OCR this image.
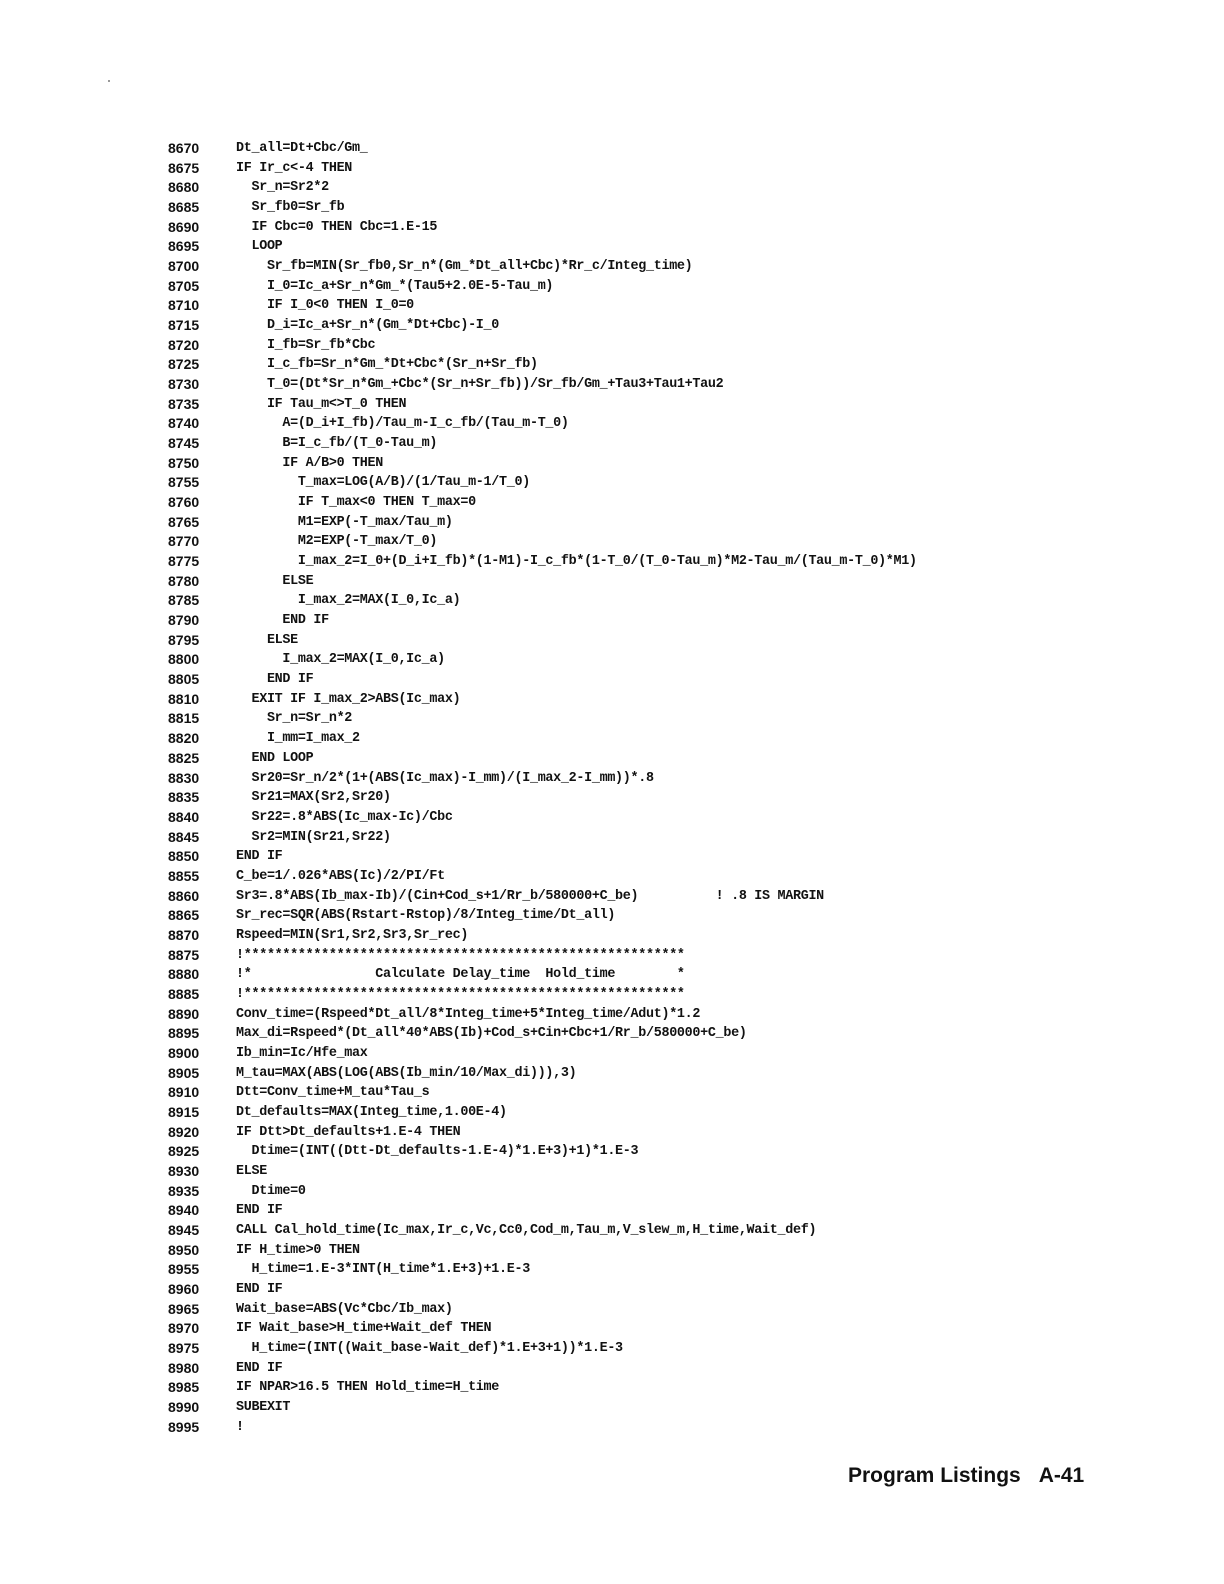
8670	Dt_all=Dt+Cbc/Gm_
8675	IF Ir_c<-4 THEN
8680	Sr_n=Sr2*2
8685	Sr_fb0=Sr_fb
8690	IF Cbc=0 THEN Cbc=1.E-15
8695	LOOP
8700	Sr_fb=MIN(Sr_fb0,Sr_n*(Gm_*Dt_all+Cbc)*Rr_c/Integ_time)
8705	I_0=Ic_a+Sr_n*Gm_*(Tau5+2.0E-5-Tau_m)
8710	IF I_0<0 THEN I_0=0
8715	D_i=Ic_a+Sr_n*(Gm_*Dt+Cbc)-I_0
8720	I_fb=Sr_fb*Cbc
8725	I_c_fb=Sr_n*Gm_*Dt+Cbc*(Sr_n+Sr_fb)
8730	T_0=(Dt*Sr_n*Gm_+Cbc*(Sr_n+Sr_fb))/Sr_fb/Gm_+Tau3+Tau1+Tau2
8735	IF Tau_m<>T_0 THEN
8740	A=(D_i+I_fb)/Tau_m-I_c_fb/(Tau_m-T_0)
8745	B=I_c_fb/(T_0-Tau_m)
8750	IF A/B>0 THEN
8755	T_max=LOG(A/B)/(1/Tau_m-1/T_0)
8760	IF T_max<0 THEN T_max=0
8765	M1=EXP(-T_max/Tau_m)
8770	M2=EXP(-T_max/T_0)
8775	I_max_2=I_0+(D_i+I_fb)*(1-M1)-I_c_fb*(1-T_0/(T_0-Tau_m)*M2-Tau_m/(Tau_m-T_0)*M1)
8780	ELSE
8785	I_max_2=MAX(I_0,Ic_a)
8790	END IF
8795	ELSE
8800	I_max_2=MAX(I_0,Ic_a)
8805	END IF
8810	EXIT IF I_max_2>ABS(Ic_max)
8815	Sr_n=Sr_n*2
8820	I_mm=I_max_2
8825	END LOOP
8830	Sr20=Sr_n/2*(1+(ABS(Ic_max)-I_mm)/(I_max_2-I_mm))*.8
8835	Sr21=MAX(Sr2,Sr20)
8840	Sr22=.8*ABS(Ic_max-Ic)/Cbc
8845	Sr2=MIN(Sr21,Sr22)
8850	END IF
8855	C_be=1/.026*ABS(Ic)/2/PI/Ft
8860	Sr3=.8*ABS(Ib_max-Ib)/(Cin+Cod_s+1/Rr_b/580000+C_be)          ! .8 IS MARGIN
8865	Sr_rec=SQR(ABS(Rstart-Rstop)/8/Integ_time/Dt_all)
8870	Rspeed=MIN(Sr1,Sr2,Sr3,Sr_rec)
8875	!*********************************************************
8880	!*                Calculate Delay_time  Hold_time        *
8885	!*********************************************************
8890	Conv_time=(Rspeed*Dt_all/8*Integ_time+5*Integ_time/Adut)*1.2
8895	Max_di=Rspeed*(Dt_all*40*ABS(Ib)+Cod_s+Cin+Cbc+1/Rr_b/580000+C_be)
8900	Ib_min=Ic/Hfe_max
8905	M_tau=MAX(ABS(LOG(ABS(Ib_min/10/Max_di))),3)
8910	Dtt=Conv_time+M_tau*Tau_s
8915	Dt_defaults=MAX(Integ_time,1.00E-4)
8920	IF Dtt>Dt_defaults+1.E-4 THEN
8925	Dtime=(INT((Dtt-Dt_defaults-1.E-4)*1.E+3)+1)*1.E-3
8930	ELSE
8935	Dtime=0
8940	END IF
8945	CALL Cal_hold_time(Ic_max,Ir_c,Vc,Cc0,Cod_m,Tau_m,V_slew_m,H_time,Wait_def)
8950	IF H_time>0 THEN
8955	H_time=1.E-3*INT(H_time*1.E+3)+1.E-3
8960	END IF
8965	Wait_base=ABS(Vc*Cbc/Ib_max)
8970	IF Wait_base>H_time+Wait_def THEN
8975	H_time=(INT((Wait_base-Wait_def)*1.E+3+1))*1.E-3
8980	END IF
8985	IF NPAR>16.5 THEN Hold_time=H_time
8990	SUBEXIT
8995	!
Program Listings A-41
